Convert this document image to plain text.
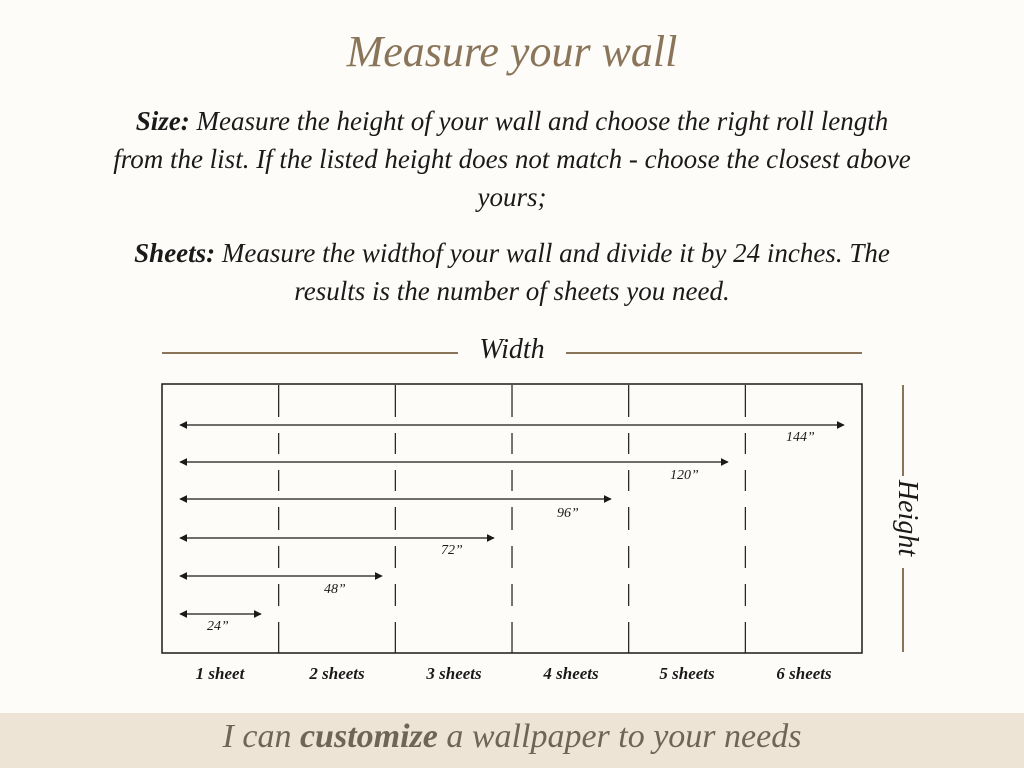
Measure your wall
Size: Measure the height of your wall and choose the right roll length from the list. If the listed height does not match - choose the closest above yours;
Sheets: Measure the widthof your wall and divide it by 24 inches. The results is the number of sheets you need.
Width
Height
1 sheet	2 sheets	3 sheets	4 sheets	5 sheets	6 sheets
24”
48”
72”
96”
120”
144”
I can customize a wallpaper to your needs
